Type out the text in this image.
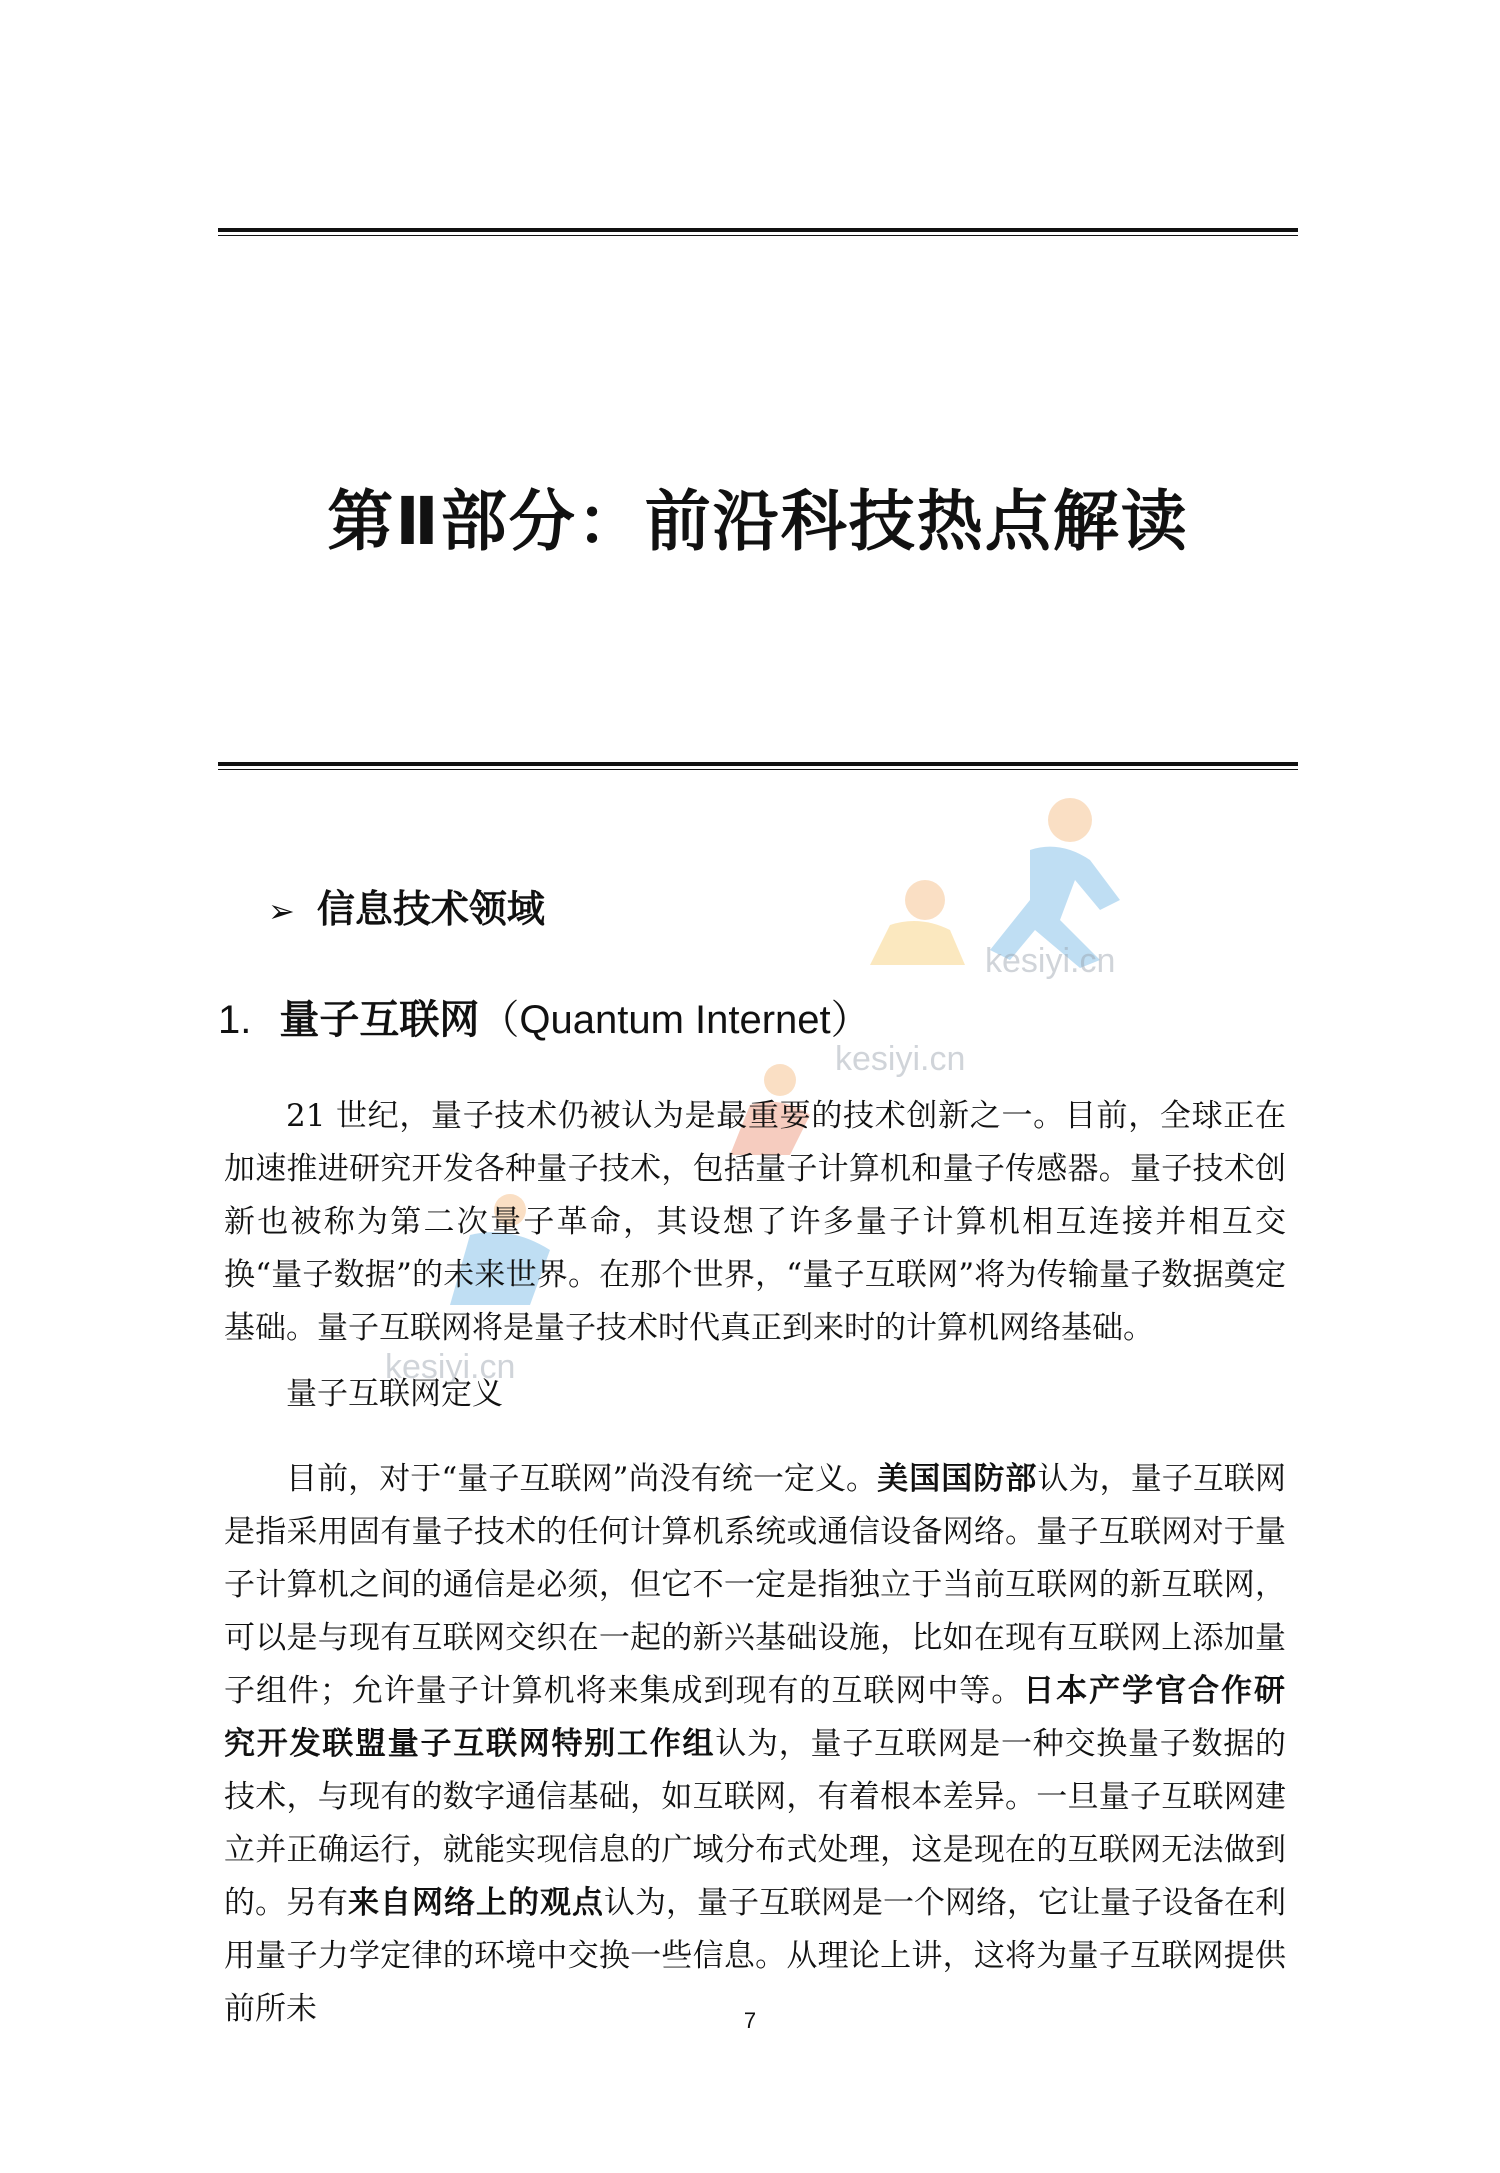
第Ⅱ部分：前沿科技热点解读
kesiyi.cn
kesiyi.cn
kesiyi.cn
➢ 信息技术领域
1. 量子互联网（Quantum Internet）

21 世纪，量子技术仍被认为是最重要的技术创新之一。目前，全球正在加速推进研究开发各种量子技术，包括量子计算机和量子传感器。量子技术创新也被称为第二次量子革命，其设想了许多量子计算机相互连接并相互交换“量子数据”的未来世界。在那个世界，“量子互联网”将为传输量子数据奠定基础。量子互联网将是量子技术时代真正到来时的计算机网络基础。

量子互联网定义

目前，对于“量子互联网”尚没有统一定义。美国国防部认为，量子互联网是指采用固有量子技术的任何计算机系统或通信设备网络。量子互联网对于量子计算机之间的通信是必须，但它不一定是指独立于当前互联网的新互联网，可以是与现有互联网交织在一起的新兴基础设施，比如在现有互联网上添加量子组件；允许量子计算机将来集成到现有的互联网中等。日本产学官合作研究开发联盟量子互联网特别工作组认为，量子互联网是一种交换量子数据的技术，与现有的数字通信基础，如互联网，有着根本差异。一旦量子互联网建立并正确运行，就能实现信息的广域分布式处理，这是现在的互联网无法做到的。另有来自网络上的观点认为，量子互联网是一个网络，它让量子设备在利用量子力学定律的环境中交换一些信息。从理论上讲，这将为量子互联网提供前所未	7
